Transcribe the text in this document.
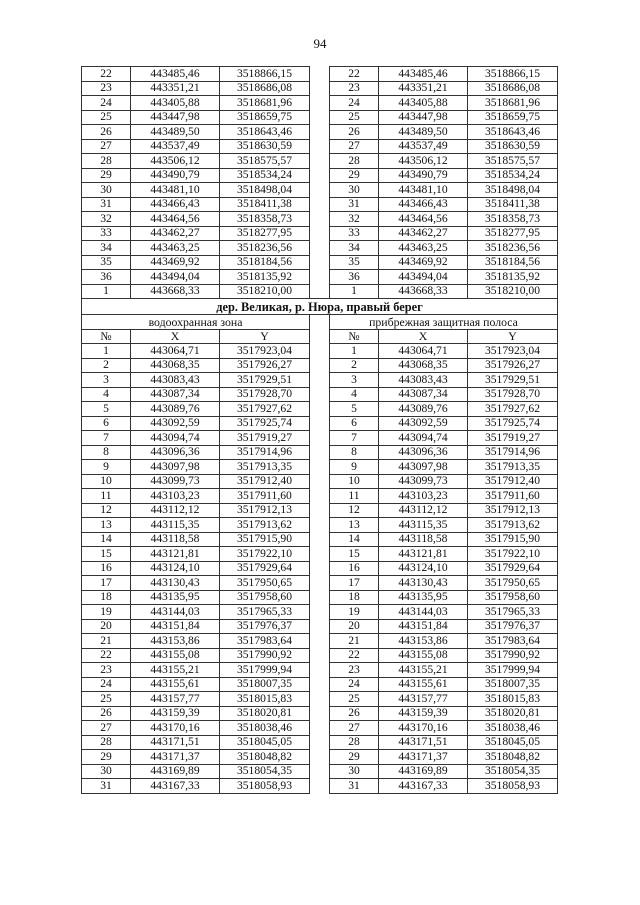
94
22	443485,46	3518866,15		22	443485,46	3518866,15
23	443351,21	3518686,08		23	443351,21	3518686,08
24	443405,88	3518681,96		24	443405,88	3518681,96
25	443447,98	3518659,75		25	443447,98	3518659,75
26	443489,50	3518643,46		26	443489,50	3518643,46
27	443537,49	3518630,59		27	443537,49	3518630,59
28	443506,12	3518575,57		28	443506,12	3518575,57
29	443490,79	3518534,24		29	443490,79	3518534,24
30	443481,10	3518498,04		30	443481,10	3518498,04
31	443466,43	3518411,38		31	443466,43	3518411,38
32	443464,56	3518358,73		32	443464,56	3518358,73
33	443462,27	3518277,95		33	443462,27	3518277,95
34	443463,25	3518236,56		34	443463,25	3518236,56
35	443469,92	3518184,56		35	443469,92	3518184,56
36	443494,04	3518135,92		36	443494,04	3518135,92
1	443668,33	3518210,00		1	443668,33	3518210,00
дер. Великая, р. Нюра, правый берег						
водоохранная зона				прибрежная защитная полоса		
№	X	Y		№	X	Y
1	443064,71	3517923,04		1	443064,71	3517923,04
2	443068,35	3517926,27		2	443068,35	3517926,27
3	443083,43	3517929,51		3	443083,43	3517929,51
4	443087,34	3517928,70		4	443087,34	3517928,70
5	443089,76	3517927,62		5	443089,76	3517927,62
6	443092,59	3517925,74		6	443092,59	3517925,74
7	443094,74	3517919,27		7	443094,74	3517919,27
8	443096,36	3517914,96		8	443096,36	3517914,96
9	443097,98	3517913,35		9	443097,98	3517913,35
10	443099,73	3517912,40		10	443099,73	3517912,40
11	443103,23	3517911,60		11	443103,23	3517911,60
12	443112,12	3517912,13		12	443112,12	3517912,13
13	443115,35	3517913,62		13	443115,35	3517913,62
14	443118,58	3517915,90		14	443118,58	3517915,90
15	443121,81	3517922,10		15	443121,81	3517922,10
16	443124,10	3517929,64		16	443124,10	3517929,64
17	443130,43	3517950,65		17	443130,43	3517950,65
18	443135,95	3517958,60		18	443135,95	3517958,60
19	443144,03	3517965,33		19	443144,03	3517965,33
20	443151,84	3517976,37		20	443151,84	3517976,37
21	443153,86	3517983,64		21	443153,86	3517983,64
22	443155,08	3517990,92		22	443155,08	3517990,92
23	443155,21	3517999,94		23	443155,21	3517999,94
24	443155,61	3518007,35		24	443155,61	3518007,35
25	443157,77	3518015,83		25	443157,77	3518015,83
26	443159,39	3518020,81		26	443159,39	3518020,81
27	443170,16	3518038,46		27	443170,16	3518038,46
28	443171,51	3518045,05		28	443171,51	3518045,05
29	443171,37	3518048,82		29	443171,37	3518048,82
30	443169,89	3518054,35		30	443169,89	3518054,35
31	443167,33	3518058,93		31	443167,33	3518058,93
